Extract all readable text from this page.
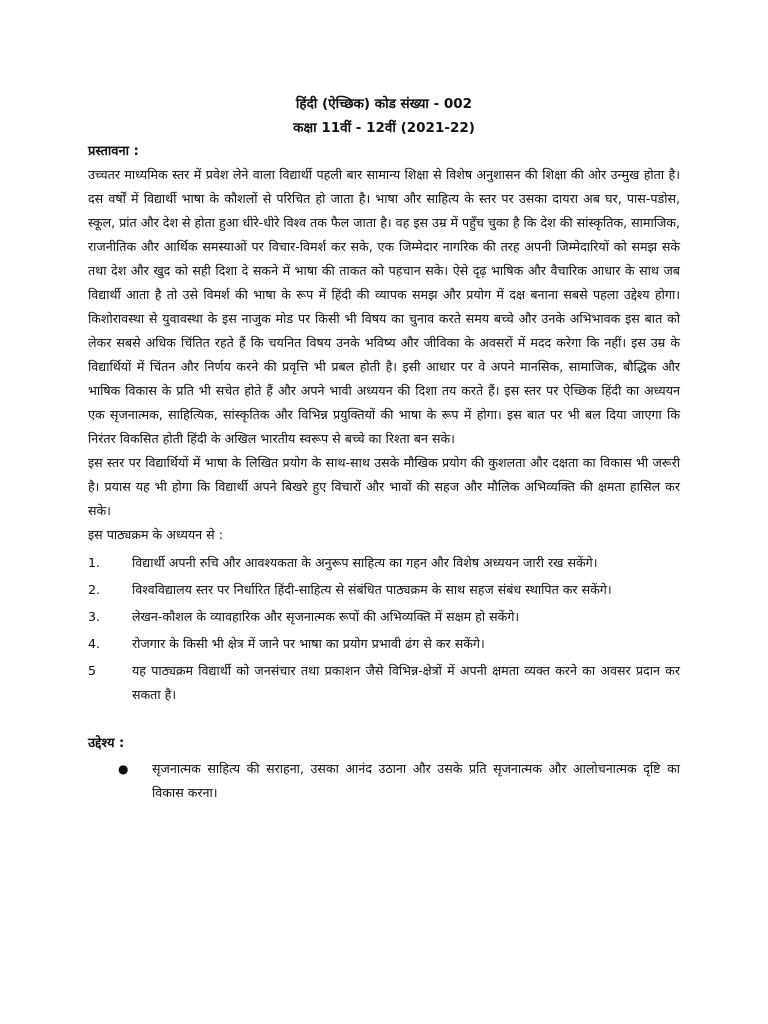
हिंदी (ऐच्छिक) कोड संख्या - 002
कक्षा 11वीं - 12वीं (2021-22)
प्रस्तावना :

उच्चतर माध्यमिक स्तर में प्रवेश लेने वाला विद्यार्थी पहली बार सामान्य शिक्षा से विशेष अनुशासन की शिक्षा की ओर उन्मुख होता है। दस वर्षों में विद्यार्थी भाषा के कौशलों से परिचित हो जाता है। भाषा और साहित्य के स्तर पर उसका दायरा अब घर, पास-पडोस, स्कूल, प्रांत और देश से होता हुआ धीरे-धीरे विश्व तक फैल जाता है। वह इस उम्र में पहुँच चुका है कि देश की सांस्कृतिक, सामाजिक, राजनीतिक और आर्थिक समस्याओं पर विचार-विमर्श कर सके, एक जिम्मेदार नागरिक की तरह अपनी जिम्मेदारियों को समझ सके तथा देश और खुद को सही दिशा दे सकने में भाषा की ताकत को पहचान सके। ऐसे दृढ़ भाषिक और वैचारिक आधार के साथ जब विद्यार्थी आता है तो उसे विमर्श की भाषा के रूप में हिंदी की व्यापक समझ और प्रयोग में दक्ष बनाना सबसे पहला उद्देश्य होगा। किशोरावस्था से युवावस्था के इस नाजुक मोड पर किसी भी विषय का चुनाव करते समय बच्चे और उनके अभिभावक इस बात को लेकर सबसे अधिक चिंतित रहते हैं कि चयनित विषय उनके भविष्य और जीविका के अवसरों में मदद करेगा कि नहीं। इस उम्र के विद्यार्थियों में चिंतन और निर्णय करने की प्रवृत्ति भी प्रबल होती है। इसी आधार पर वे अपने मानसिक, सामाजिक, बौद्धिक और भाषिक विकास के प्रति भी सचेत होते हैं और अपने भावी अध्ययन की दिशा तय करते हैं। इस स्तर पर ऐच्छिक हिंदी का अध्ययन एक सृजनात्मक, साहित्यिक, सांस्कृतिक और विभिन्न प्रयुक्तियों की भाषा के रूप में होगा। इस बात पर भी बल दिया जाएगा कि निरंतर विकसित होती हिंदी के अखिल भारतीय स्वरूप से बच्चे का रिश्ता बन सके।

इस स्तर पर विद्यार्थियों में भाषा के लिखित प्रयोग के साथ-साथ उसके मौखिक प्रयोग की कुशलता और दक्षता का विकास भी जरूरी है। प्रयास यह भी होगा कि विद्यार्थी अपने बिखरे हुए विचारों और भावों की सहज और मौलिक अभिव्यक्ति की क्षमता हासिल कर सके।

इस पाठ्यक्रम के अध्ययन से :

1.	विद्यार्थी अपनी रुचि और आवश्यकता के अनुरूप साहित्य का गहन और विशेष अध्ययन जारी रख सकेंगे।
2.	विश्वविद्यालय स्तर पर निर्धारित हिंदी-साहित्य से संबंधित पाठ्यक्रम के साथ सहज संबंध स्थापित कर सकेंगे।
3.	लेखन-कौशल के व्यावहारिक और सृजनात्मक रूपों की अभिव्यक्ति में सक्षम हो सकेंगे।
4.	रोजगार के किसी भी क्षेत्र में जाने पर भाषा का प्रयोग प्रभावी ढंग से कर सकेंगे।
5	यह पाठ्यक्रम विद्यार्थी को जनसंचार तथा प्रकाशन जैसे विभिन्न-क्षेत्रों में अपनी क्षमता व्यक्त करने का अवसर प्रदान कर सकता है।
उद्देश्य :
●	सृजनात्मक साहित्य की सराहना, उसका आनंद उठाना और उसके प्रति सृजनात्मक और आलोचनात्मक दृष्टि का विकास करना।
